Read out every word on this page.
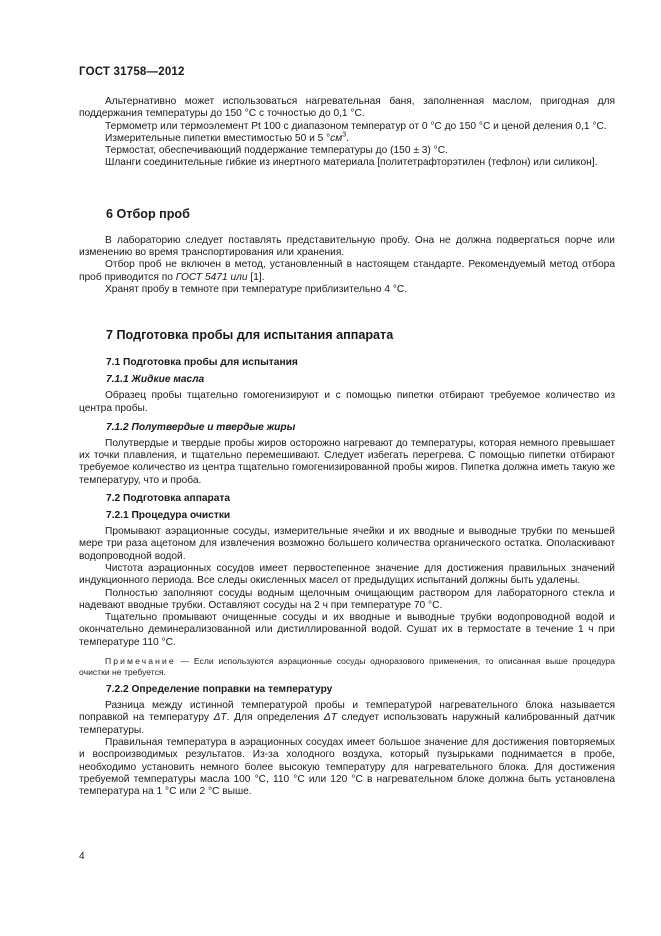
ГОСТ 31758—2012

Альтернативно может использоваться нагревательная баня, заполненная маслом, пригодная для поддержания температуры до 150 °C с точностью до 0,1 °C.

Термометр или термоэлемент Pt 100 с диапазоном температур от 0 °C до 150 °C и ценой деления 0,1 °C.

Измерительные пипетки вместимостью 50 и 5 $^\circ см^3$.

Термостат, обеспечивающий поддержание температуры до (150 ± 3) °C.

Шланги соединительные гибкие из инертного материала [политетрафторэтилен (тефлон) или силикон].

6 Отбор проб

В лабораторию следует поставлять представительную пробу. Она не должна подвергаться порче или изменению во время транспортирования или хранения.

Отбор проб не включен в метод, установленный в настоящем стандарте. Рекомендуемый метод отбора проб приводится по ГОСТ 5471 или [1].

Хранят пробу в темноте при температуре приблизительно 4 °C.

7 Подготовка пробы для испытания аппарата
7.1 Подготовка пробы для испытания
7.1.1 Жидкие масла

Образец пробы тщательно гомогенизируют и с помощью пипетки отбирают требуемое количество из центра пробы.

7.1.2 Полутвердые и твердые жиры

Полутвердые и твердые пробы жиров осторожно нагревают до температуры, которая немного превышает их точки плавления, и тщательно перемешивают. Следует избегать перегрева. С помощью пипетки отбирают требуемое количество из центра тщательно гомогенизированной пробы жиров. Пипетка должна иметь такую же температуру, что и проба.

7.2 Подготовка аппарата
7.2.1 Процедура очистки

Промывают аэрационные сосуды, измерительные ячейки и их вводные и выводные трубки по меньшей мере три раза ацетоном для извлечения возможно большего количества органического остатка. Ополаскивают водопроводной водой.

Чистота аэрационных сосудов имеет первостепенное значение для достижения правильных значений индукционного периода. Все следы окисленных масел от предыдущих испытаний должны быть удалены.

Полностью заполняют сосуды водным щелочным очищающим раствором для лабораторного стекла и надевают вводные трубки. Оставляют сосуды на 2 ч при температуре 70 °C.

Тщательно промывают очищенные сосуды и их вводные и выводные трубки водопроводной водой и окончательно деминерализованной или дистиллированной водой. Сушат их в термостате в течение 1 ч при температуре 110 °C.

Примечание — Если используются аэрационные сосуды одноразового применения, то описанная выше процедура очистки не требуется.

7.2.2 Определение поправки на температуру

Разница между истинной температурой пробы и температурой нагревательного блока называется поправкой на температуру ΔT. Для определения ΔT следует использовать наружный калиброванный датчик температуры.

Правильная температура в аэрационных сосудах имеет большое значение для достижения повторяемых и воспроизводимых результатов. Из-за холодного воздуха, который пузырьками поднимается в пробе, необходимо установить немного более высокую температуру для нагревательного блока. Для достижения требуемой температуры масла 100 °C, 110 °C или 120 °C в нагревательном блоке должна быть установлена температура на 1 °C или 2 °C выше.

4
